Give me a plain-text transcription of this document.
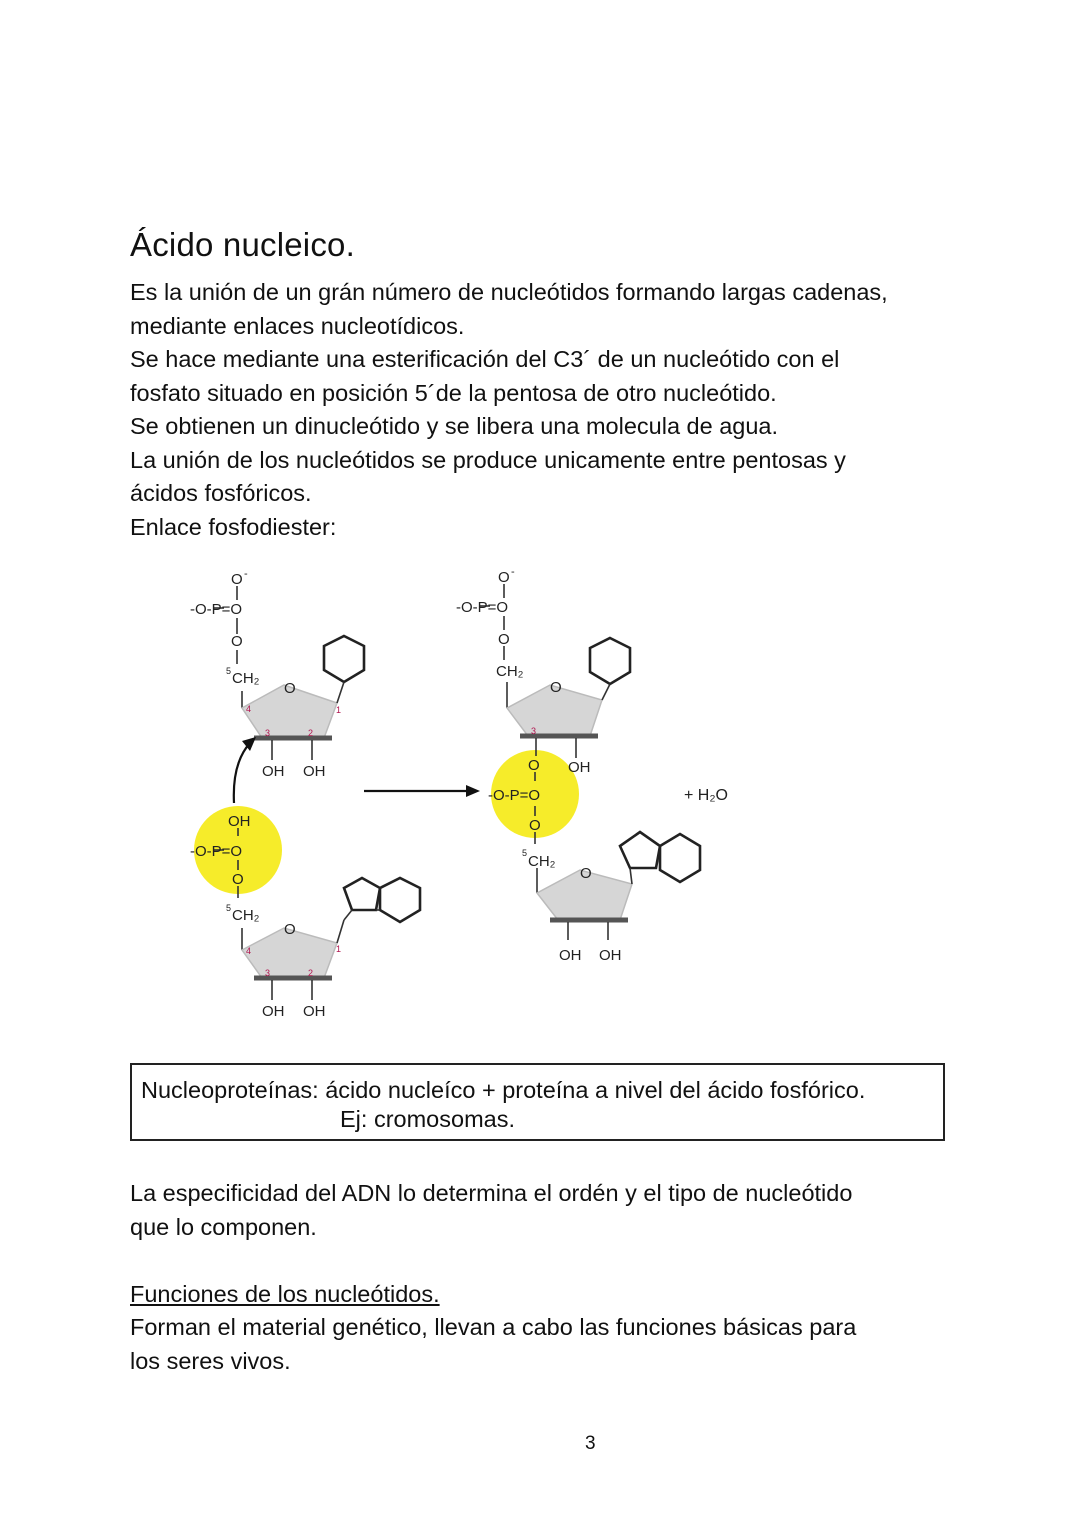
Ácido nucleico.

Es la unión de un grán número de nucleótidos formando largas cadenas,

mediante enlaces nucleotídicos.

Se hace mediante una esterificación del C3´ de un nucleótido con el

fosfato situado en posición 5´de la pentosa de otro nucleótido.

Se obtienen un dinucleótido y se libera una molecula de agua.

La unión de los nucleótidos se produce unicamente entre pentosas y

ácidos fosfóricos.

Enlace fosfodiester:

O -
-O-P=O
O
5 CH₂
O
OH OH
4
3	2
1
OH
-O-P=O
O
5 CH₂
O
OH OH
4
3	2
1
O -
-O-P=O
O
CH₂
O
O OH
-O-P=O
O
5 CH₂
O
OH OH
3
+ H₂O
Nucleoproteínas: ácido nucleíco + proteína a nivel del ácido fosfórico.
Ej: cromosomas.
La especificidad del ADN lo determina el ordén y el tipo de nucleótido
que lo componen.
Funciones de los nucleótidos.
Forman el material genético, llevan a cabo las funciones básicas para
los seres vivos.
3
